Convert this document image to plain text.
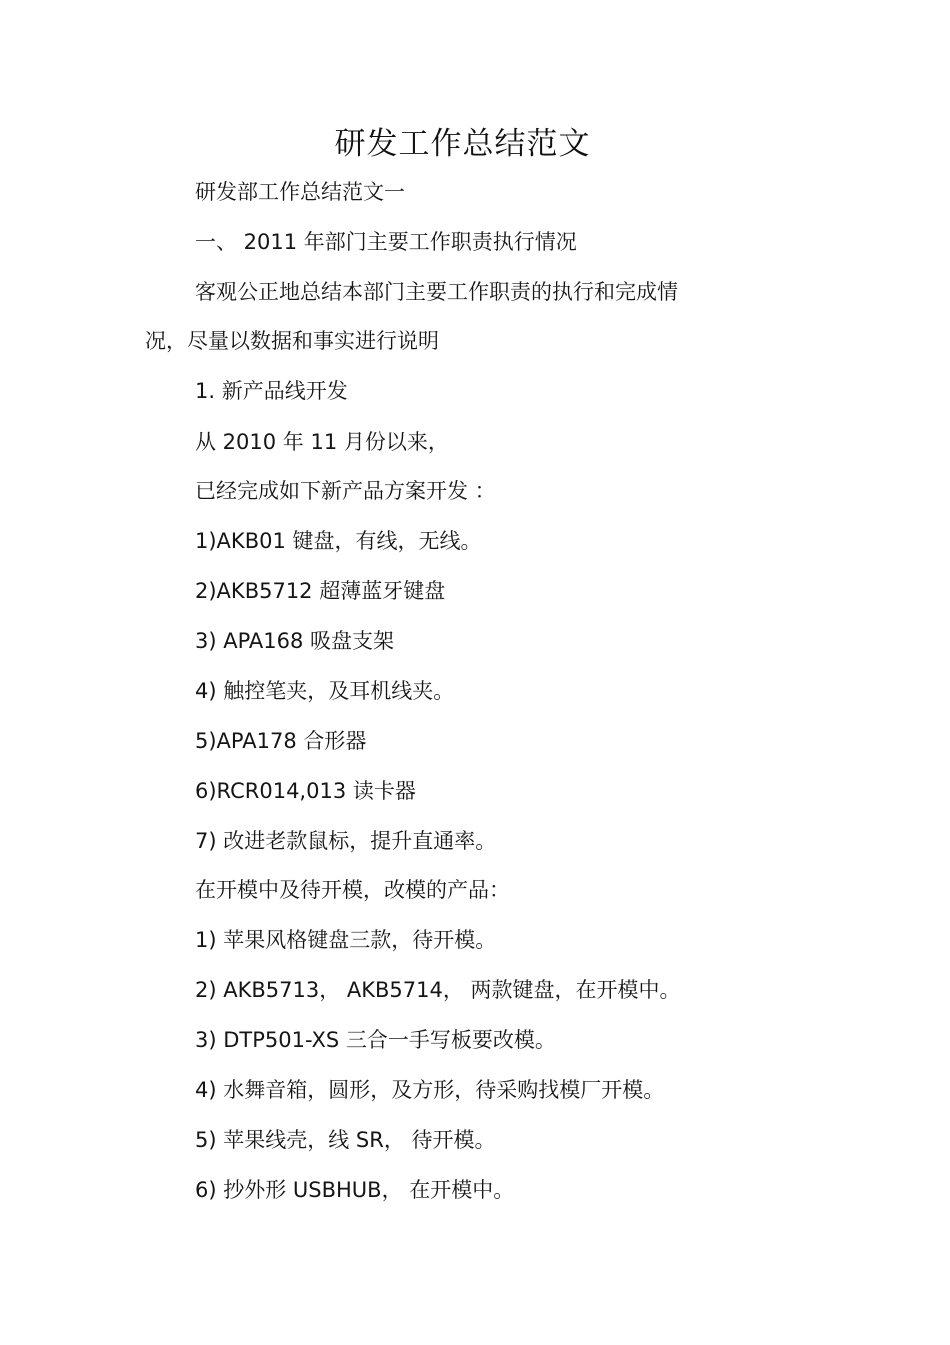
研发工作总结范文
研发部工作总结范文一
一、 2011 年部门主要工作职责执行情况
客观公正地总结本部门主要工作职责的执行和完成情
况，尽量以数据和事实进行说明
1. 新产品线开发
从 2010 年 11 月份以来，
已经完成如下新产品方案开发 ：
1)AKB01 键盘，有线，无线。
2)AKB5712 超薄蓝牙键盘
3) APA168 吸盘支架
4) 触控笔夹，及耳机线夹。
5)APA178 合形器
6)RCR014,013 读卡器
7) 改进老款鼠标，提升直通率。
在开模中及待开模，改模的产品：
1) 苹果风格键盘三款，待开模。
2) AKB5713， AKB5714， 两款键盘，在开模中。
3) DTP501-XS 三合一手写板要改模。
4) 水舞音箱，圆形，及方形，待采购找模厂开模。
5) 苹果线壳，线 SR， 待开模。
6) 抄外形 USBHUB， 在开模中。
